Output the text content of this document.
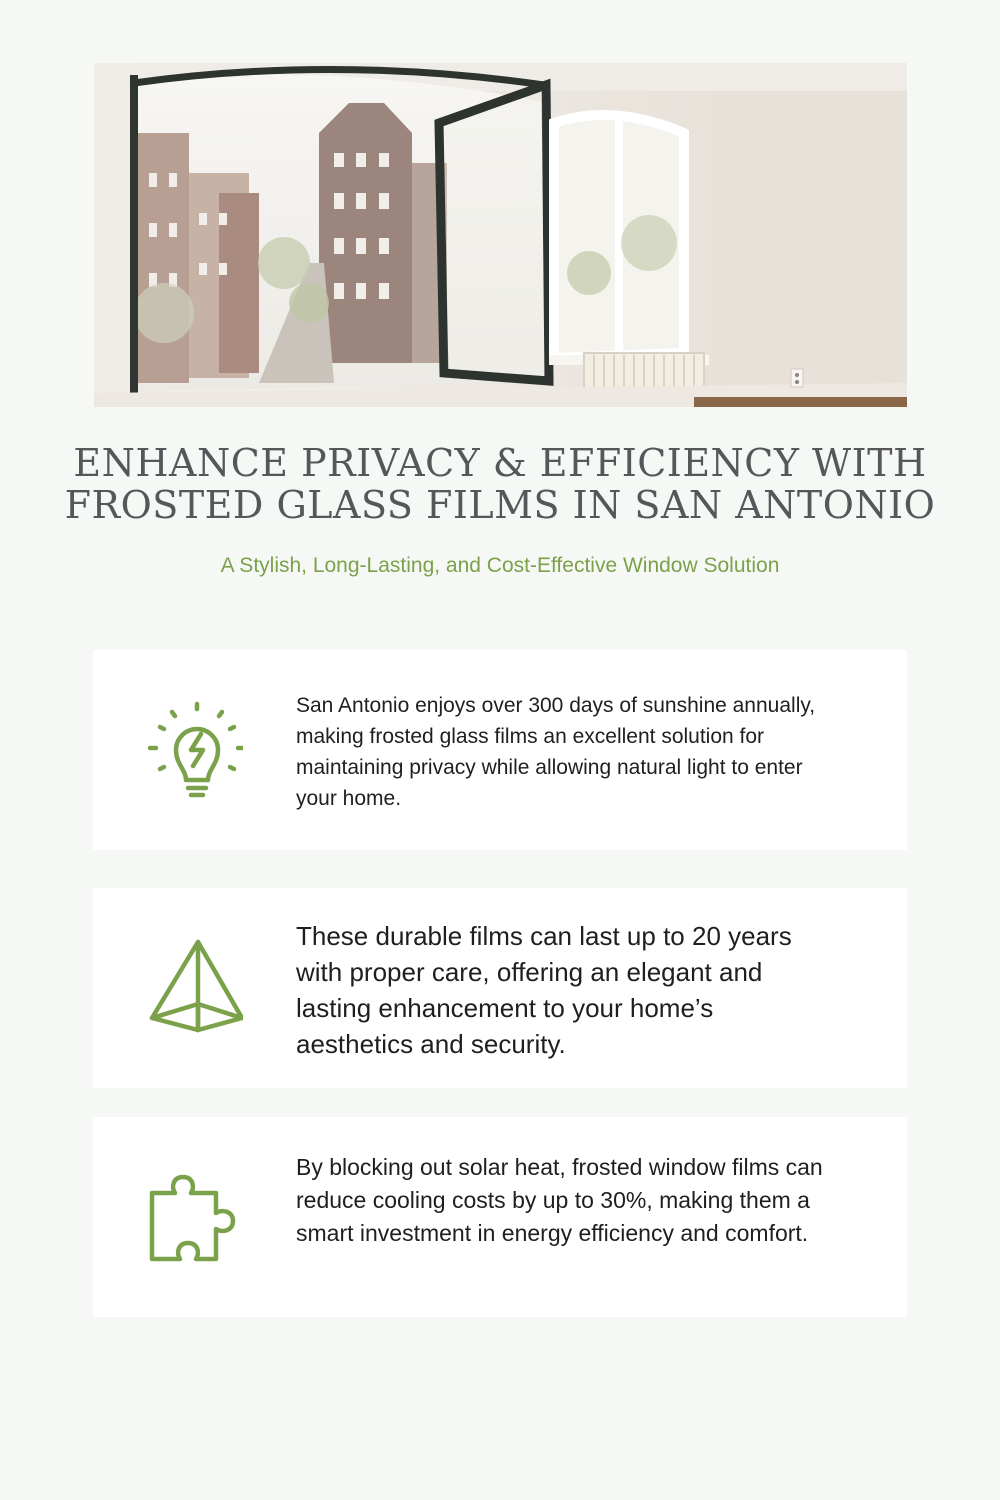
ENHANCE PRIVACY & EFFICIENCY WITH FROSTED GLASS FILMS IN SAN ANTONIO

A Stylish, Long-Lasting, and Cost-Effective Window Solution

San Antonio enjoys over 300 days of sunshine annually, making frosted glass films an excellent solution for maintaining privacy while allowing natural light to enter your home.

These durable films can last up to 20 years with proper care, offering an elegant and lasting enhancement to your home’s aesthetics and security.

By blocking out solar heat, frosted window films can reduce cooling costs by up to 30%, making them a smart investment in energy efficiency and comfort.
